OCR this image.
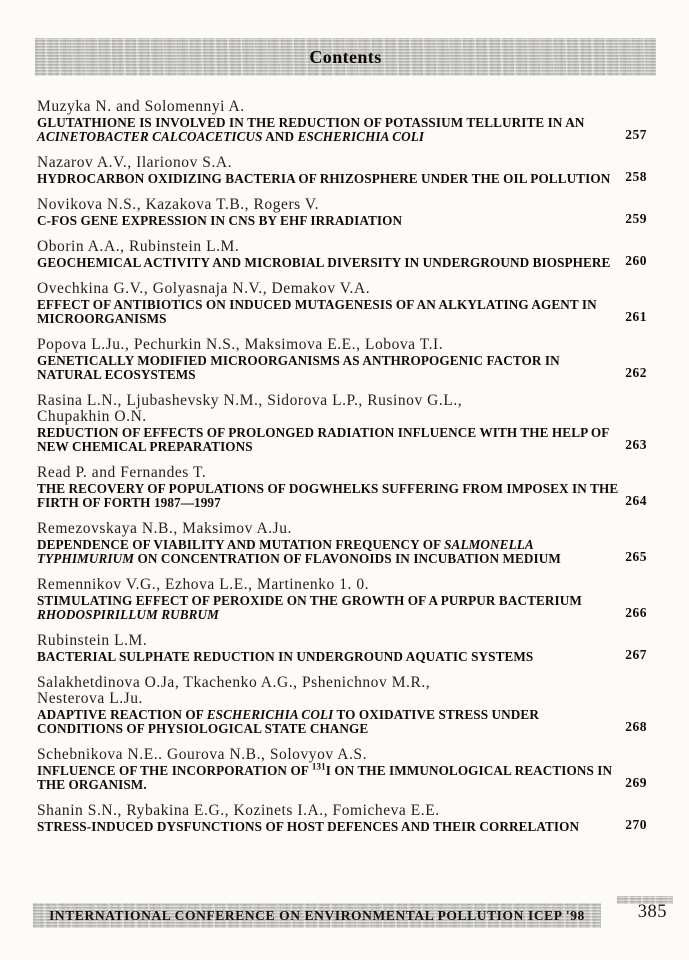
Contents
Muzyka N. and Solomennyi A.
GLUTATHIONE IS INVOLVED IN THE REDUCTION OF POTASSIUM TELLURITE IN AN
ACINETOBACTER CALCOACETICUS AND ESCHERICHIA COLI	257
Nazarov A.V., Ilarionov S.A.
HYDROCARBON OXIDIZING BACTERIA OF RHIZOSPHERE UNDER THE OIL POLLUTION 258
Novikova N.S., Kazakova T.B., Rogers V.
C-FOS GENE EXPRESSION IN CNS BY EHF IRRADIATION	259
Oborin A.A., Rubinstein L.M.
GEOCHEMICAL ACTIVITY AND MICROBIAL DIVERSITY IN UNDERGROUND BIOSPHERE 260
Ovechkina G.V., Golyasnaja N.V., Demakov V.A.
EFFECT OF ANTIBIOTICS ON INDUCED MUTAGENESIS OF AN ALKYLATING AGENT IN
MICROORGANISMS	261
Popova L.Ju., Pechurkin N.S., Maksimova E.E., Lobova T.I.
GENETICALLY MODIFIED MICROORGANISMS AS ANTHROPOGENIC FACTOR IN
NATURAL ECOSYSTEMS	262
Rasina L.N., Ljubashevsky N.M., Sidorova L.P., Rusinov G.L.,
Chupakhin O.N.
REDUCTION OF EFFECTS OF PROLONGED RADIATION INFLUENCE WITH THE HELP OF
NEW CHEMICAL PREPARATIONS	263
Read P. and Fernandes T.
THE RECOVERY OF POPULATIONS OF DOGWHELKS SUFFERING FROM IMPOSEX IN THE
FIRTH OF FORTH 1987—1997	264
Remezovskaya N.B., Maksimov A.Ju.
DEPENDENCE OF VIABILITY AND MUTATION FREQUENCY OF SALMONELLA
TYPHIMURIUM ON CONCENTRATION OF FLAVONOIDS IN INCUBATION MEDIUM	265
Remennikov V.G., Ezhova L.E., Martinenko 1. 0.
STIMULATING EFFECT OF PEROXIDE ON THE GROWTH OF A PURPUR BACTERIUM
RHODOSPIRILLUM RUBRUM	266
Rubinstein L.M.
BACTERIAL SULPHATE REDUCTION IN UNDERGROUND AQUATIC SYSTEMS	267
Salakhetdinova O.Ja, Tkachenko A.G., Pshenichnov M.R.,
Nesterova L.Ju.
ADAPTIVE REACTION OF ESCHERICHIA COLI TO OXIDATIVE STRESS UNDER
CONDITIONS OF PHYSIOLOGICAL STATE CHANGE	268
Schebnikova N.E.. Gourova N.B., Solovyov A.S.
INFLUENCE OF THE INCORPORATION OF $^{131}$I ON THE IMMUNOLOGICAL REACTIONS IN
THE ORGANISM.	269
Shanin S.N., Rybakina E.G., Kozinets I.A., Fomicheva E.E.
STRESS-INDUCED DYSFUNCTIONS OF HOST DEFENCES AND THEIR CORRELATION	270
INTERNATIONAL CONFERENCE ON ENVIRONMENTAL POLLUTION ICEP '98	385
